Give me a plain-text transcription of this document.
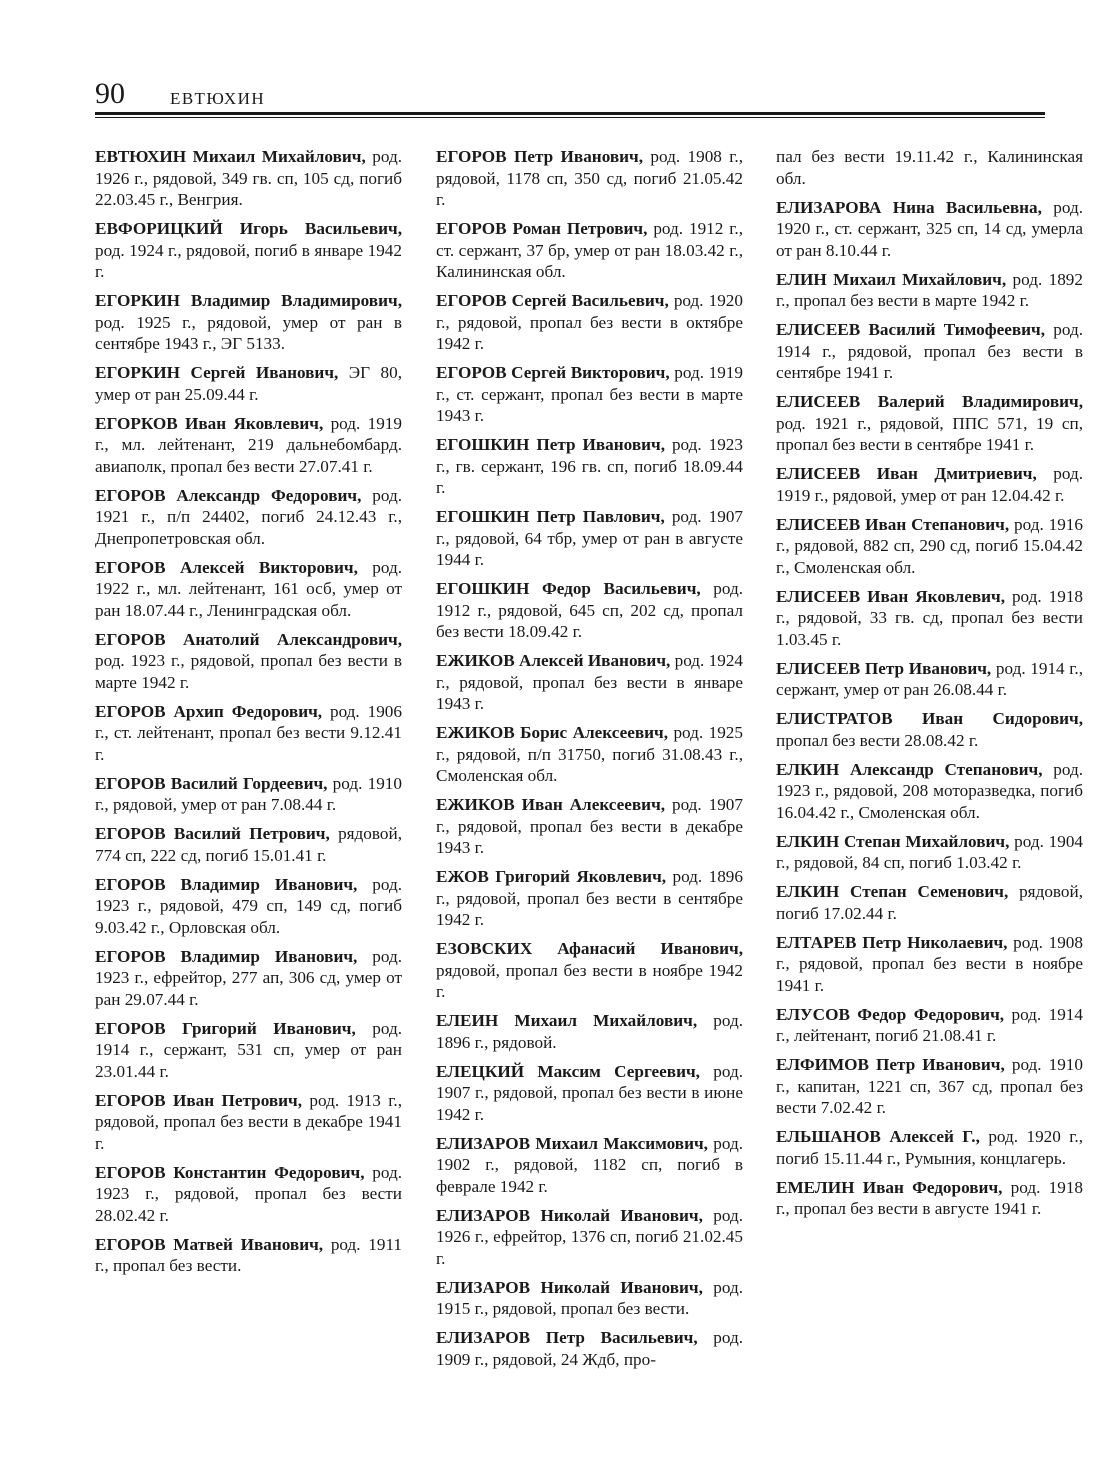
90	ЕВТЮХИН

ЕВТЮХИН Михаил Михайлович, род. 1926 г., рядовой, 349 гв. сп, 105 сд, погиб 22.03.45 г., Венгрия.

ЕВФОРИЦКИЙ Игорь Васильевич, род. 1924 г., рядовой, погиб в январе 1942 г.

ЕГОРКИН Владимир Владимирович, род. 1925 г., рядовой, умер от ран в сентябре 1943 г., ЭГ 5133.

ЕГОРКИН Сергей Иванович, ЭГ 80, умер от ран 25.09.44 г.

ЕГОРКОВ Иван Яковлевич, род. 1919 г., мл. лейтенант, 219 дальнебомбард. авиаполк, пропал без вести 27.07.41 г.

ЕГОРОВ Александр Федорович, род. 1921 г., п/п 24402, погиб 24.12.43 г., Днепропетровская обл.

ЕГОРОВ Алексей Викторович, род. 1922 г., мл. лейтенант, 161 осб, умер от ран 18.07.44 г., Ленинградская обл.

ЕГОРОВ Анатолий Александрович, род. 1923 г., рядовой, пропал без вести в марте 1942 г.

ЕГОРОВ Архип Федорович, род. 1906 г., ст. лейтенант, пропал без вести 9.12.41 г.

ЕГОРОВ Василий Гордеевич, род. 1910 г., рядовой, умер от ран 7.08.44 г.

ЕГОРОВ Василий Петрович, рядовой, 774 сп, 222 сд, погиб 15.01.41 г.

ЕГОРОВ Владимир Иванович, род. 1923 г., рядовой, 479 сп, 149 сд, погиб 9.03.42 г., Орловская обл.

ЕГОРОВ Владимир Иванович, род. 1923 г., ефрейтор, 277 ап, 306 сд, умер от ран 29.07.44 г.

ЕГОРОВ Григорий Иванович, род. 1914 г., сержант, 531 сп, умер от ран 23.01.44 г.

ЕГОРОВ Иван Петрович, род. 1913 г., рядовой, пропал без вести в декабре 1941 г.

ЕГОРОВ Константин Федорович, род. 1923 г., рядовой, пропал без вести 28.02.42 г.

ЕГОРОВ Матвей Иванович, род. 1911 г., пропал без вести.

ЕГОРОВ Петр Иванович, род. 1908 г., рядовой, 1178 сп, 350 сд, погиб 21.05.42 г.

ЕГОРОВ Роман Петрович, род. 1912 г., ст. сержант, 37 бр, умер от ран 18.03.42 г., Калининская обл.

ЕГОРОВ Сергей Васильевич, род. 1920 г., рядовой, пропал без вести в октябре 1942 г.

ЕГОРОВ Сергей Викторович, род. 1919 г., ст. сержант, пропал без вести в марте 1943 г.

ЕГОШКИН Петр Иванович, род. 1923 г., гв. сержант, 196 гв. сп, погиб 18.09.44 г.

ЕГОШКИН Петр Павлович, род. 1907 г., рядовой, 64 тбр, умер от ран в августе 1944 г.

ЕГОШКИН Федор Васильевич, род. 1912 г., рядовой, 645 сп, 202 сд, пропал без вести 18.09.42 г.

ЕЖИКОВ Алексей Иванович, род. 1924 г., рядовой, пропал без вести в январе 1943 г.

ЕЖИКОВ Борис Алексеевич, род. 1925 г., рядовой, п/п 31750, погиб 31.08.43 г., Смоленская обл.

ЕЖИКОВ Иван Алексеевич, род. 1907 г., рядовой, пропал без вести в декабре 1943 г.

ЕЖОВ Григорий Яковлевич, род. 1896 г., рядовой, пропал без вести в сентябре 1942 г.

ЕЗОВСКИХ Афанасий Иванович, рядовой, пропал без вести в ноябре 1942 г.

ЕЛЕИН Михаил Михайлович, род. 1896 г., рядовой.

ЕЛЕЦКИЙ Максим Сергеевич, род. 1907 г., рядовой, пропал без вести в июне 1942 г.

ЕЛИЗАРОВ Михаил Максимович, род. 1902 г., рядовой, 1182 сп, погиб в феврале 1942 г.

ЕЛИЗАРОВ Николай Иванович, род. 1926 г., ефрейтор, 1376 сп, погиб 21.02.45 г.

ЕЛИЗАРОВ Николай Иванович, род. 1915 г., рядовой, пропал без вести.

ЕЛИЗАРОВ Петр Васильевич, род. 1909 г., рядовой, 24 Ждб, про-

пал без вести 19.11.42 г., Калининская обл.

ЕЛИЗАРОВА Нина Васильевна, род. 1920 г., ст. сержант, 325 сп, 14 сд, умерла от ран 8.10.44 г.

ЕЛИН Михаил Михайлович, род. 1892 г., пропал без вести в марте 1942 г.

ЕЛИСЕЕВ Василий Тимофеевич, род. 1914 г., рядовой, пропал без вести в сентябре 1941 г.

ЕЛИСЕЕВ Валерий Владимирович, род. 1921 г., рядовой, ППС 571, 19 сп, пропал без вести в сентябре 1941 г.

ЕЛИСЕЕВ Иван Дмитриевич, род. 1919 г., рядовой, умер от ран 12.04.42 г.

ЕЛИСЕЕВ Иван Степанович, род. 1916 г., рядовой, 882 сп, 290 сд, погиб 15.04.42 г., Смоленская обл.

ЕЛИСЕЕВ Иван Яковлевич, род. 1918 г., рядовой, 33 гв. сд, пропал без вести 1.03.45 г.

ЕЛИСЕЕВ Петр Иванович, род. 1914 г., сержант, умер от ран 26.08.44 г.

ЕЛИСТРАТОВ Иван Сидорович, пропал без вести 28.08.42 г.

ЕЛКИН Александр Степанович, род. 1923 г., рядовой, 208 моторазведка, погиб 16.04.42 г., Смоленская обл.

ЕЛКИН Степан Михайлович, род. 1904 г., рядовой, 84 сп, погиб 1.03.42 г.

ЕЛКИН Степан Семенович, рядовой, погиб 17.02.44 г.

ЕЛТАРЕВ Петр Николаевич, род. 1908 г., рядовой, пропал без вести в ноябре 1941 г.

ЕЛУСОВ Федор Федорович, род. 1914 г., лейтенант, погиб 21.08.41 г.

ЕЛФИМОВ Петр Иванович, род. 1910 г., капитан, 1221 сп, 367 сд, пропал без вести 7.02.42 г.

ЕЛЬШАНОВ Алексей Г., род. 1920 г., погиб 15.11.44 г., Румыния, концлагерь.

ЕМЕЛИН Иван Федорович, род. 1918 г., пропал без вести в августе 1941 г.
